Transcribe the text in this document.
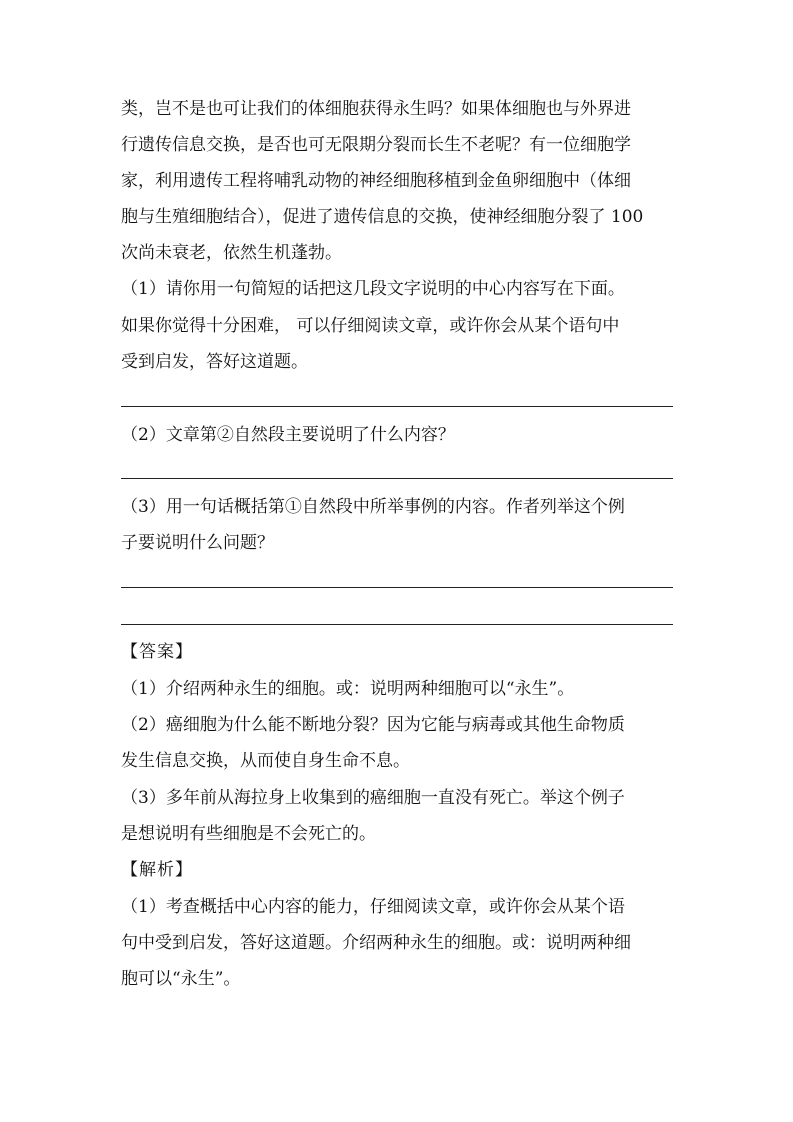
类，岂不是也可让我们的体细胞获得永生吗？如果体细胞也与外界进
行遗传信息交换，是否也可无限期分裂而长生不老呢？有一位细胞学
家，利用遗传工程将哺乳动物的神经细胞移植到金鱼卵细胞中（体细
胞与生殖细胞结合），促进了遗传信息的交换，使神经细胞分裂了 100
次尚未衰老，依然生机蓬勃。
（1）请你用一句简短的话把这几段文字说明的中心内容写在下面。
如果你觉得十分困难， 可以仔细阅读文章，或许你会从某个语句中
受到启发，答好这道题。
（2）文章第②自然段主要说明了什么内容？
（3）用一句话概括第①自然段中所举事例的内容。作者列举这个例
子要说明什么问题？
【答案】
（1）介绍两种永生的细胞。或：说明两种细胞可以“永生”。
（2）癌细胞为什么能不断地分裂？因为它能与病毒或其他生命物质
发生信息交换，从而使自身生命不息。
（3）多年前从海拉身上收集到的癌细胞一直没有死亡。举这个例子
是想说明有些细胞是不会死亡的。
【解析】
（1）考查概括中心内容的能力，仔细阅读文章，或许你会从某个语
句中受到启发，答好这道题。介绍两种永生的细胞。或：说明两种细
胞可以“永生”。
